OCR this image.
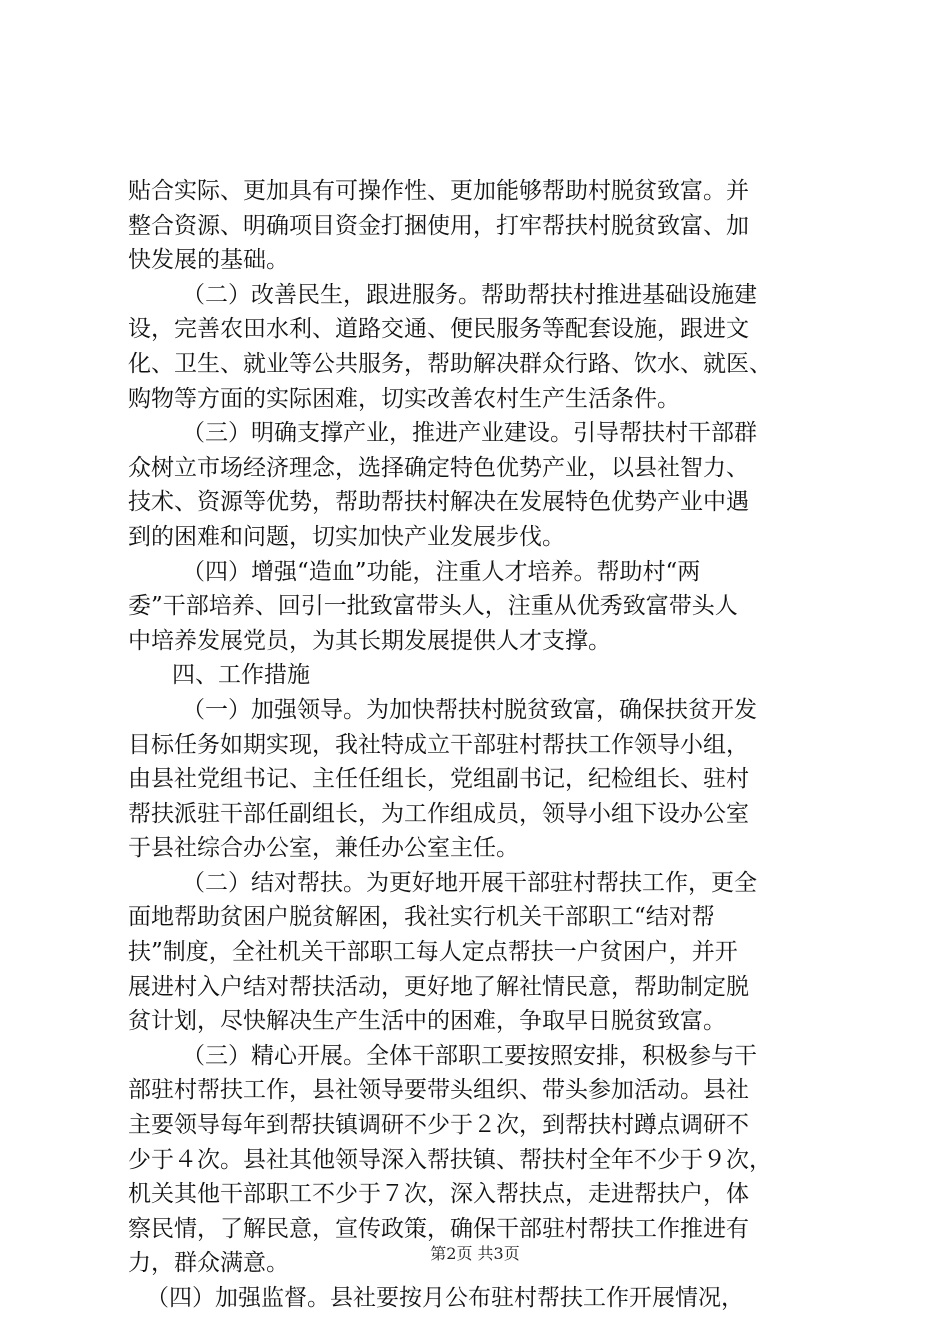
贴合实际、更加具有可操作性、更加能够帮助村脱贫致富。并
整合资源、明确项目资金打捆使用，打牢帮扶村脱贫致富、加
快发展的基础。
（二）改善民生，跟进服务。帮助帮扶村推进基础设施建
设，完善农田水利、道路交通、便民服务等配套设施，跟进文
化、卫生、就业等公共服务，帮助解决群众行路、饮水、就医、
购物等方面的实际困难，切实改善农村生产生活条件。
（三）明确支撑产业，推进产业建设。引导帮扶村干部群
众树立市场经济理念，选择确定特色优势产业，以县社智力、
技术、资源等优势，帮助帮扶村解决在发展特色优势产业中遇
到的困难和问题，切实加快产业发展步伐。
（四）增强“造血”功能，注重人才培养。帮助村“两
委”干部培养、回引一批致富带头人，注重从优秀致富带头人
中培养发展党员，为其长期发展提供人才支撑。
四、工作措施
（一）加强领导。为加快帮扶村脱贫致富，确保扶贫开发
目标任务如期实现，我社特成立干部驻村帮扶工作领导小组，
由县社党组书记、主任任组长，党组副书记，纪检组长、驻村
帮扶派驻干部任副组长，为工作组成员，领导小组下设办公室
于县社综合办公室，兼任办公室主任。
（二）结对帮扶。为更好地开展干部驻村帮扶工作，更全
面地帮助贫困户脱贫解困，我社实行机关干部职工“结对帮
扶”制度，全社机关干部职工每人定点帮扶一户贫困户，并开
展进村入户结对帮扶活动，更好地了解社情民意，帮助制定脱
贫计划，尽快解决生产生活中的困难，争取早日脱贫致富。
（三）精心开展。全体干部职工要按照安排，积极参与干
部驻村帮扶工作，县社领导要带头组织、带头参加活动。县社
主要领导每年到帮扶镇调研不少于２次，到帮扶村蹲点调研不
少于４次。县社其他领导深入帮扶镇、帮扶村全年不少于９次，
机关其他干部职工不少于７次，深入帮扶点，走进帮扶户，体
察民情，了解民意，宣传政策，确保干部驻村帮扶工作推进有
力，群众满意。
（四）加强监督。县社要按月公布驻村帮扶工作开展情况，
第2页 共3页
